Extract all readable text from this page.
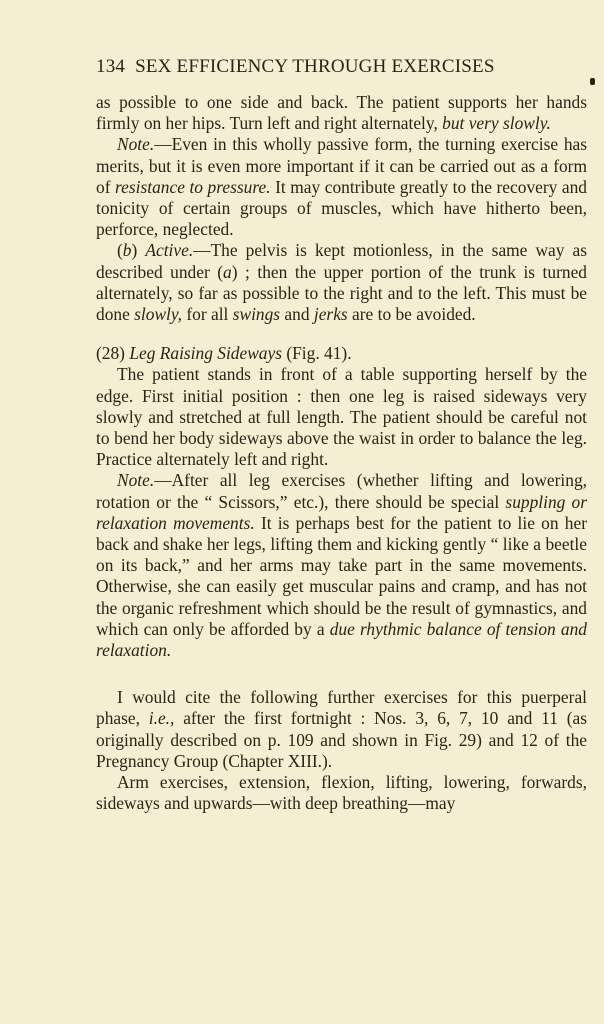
134 SEX EFFICIENCY THROUGH EXERCISES

as possible to one side and back. The patient supports her hands firmly on her hips. Turn left and right alternately, but very slowly.

Note.—Even in this wholly passive form, the turning exercise has merits, but it is even more important if it can be carried out as a form of resistance to pressure. It may contribute greatly to the recovery and tonicity of certain groups of muscles, which have hitherto been, perforce, neglected.

(b) Active.—The pelvis is kept motionless, in the same way as described under (a) ; then the upper portion of the trunk is turned alternately, so far as possible to the right and to the left. This must be done slowly, for all swings and jerks are to be avoided.

(28) Leg Raising Sideways (Fig. 41).

The patient stands in front of a table supporting herself by the edge. First initial position : then one leg is raised sideways very slowly and stretched at full length. The patient should be careful not to bend her body sideways above the waist in order to balance the leg. Practice alternately left and right.

Note.—After all leg exercises (whether lifting and lowering, rotation or the “ Scissors,” etc.), there should be special suppling or relaxation movements. It is perhaps best for the patient to lie on her back and shake her legs, lifting them and kicking gently “ like a beetle on its back,” and her arms may take part in the same movements. Otherwise, she can easily get muscular pains and cramp, and has not the organic refreshment which should be the result of gymnastics, and which can only be afforded by a due rhythmic balance of tension and relaxation.

I would cite the following further exercises for this puerperal phase, i.e., after the first fortnight : Nos. 3, 6, 7, 10 and 11 (as originally described on p. 109 and shown in Fig. 29) and 12 of the Pregnancy Group (Chapter XIII.).

Arm exercises, extension, flexion, lifting, lowering, forwards, sideways and upwards—with deep breathing—may
